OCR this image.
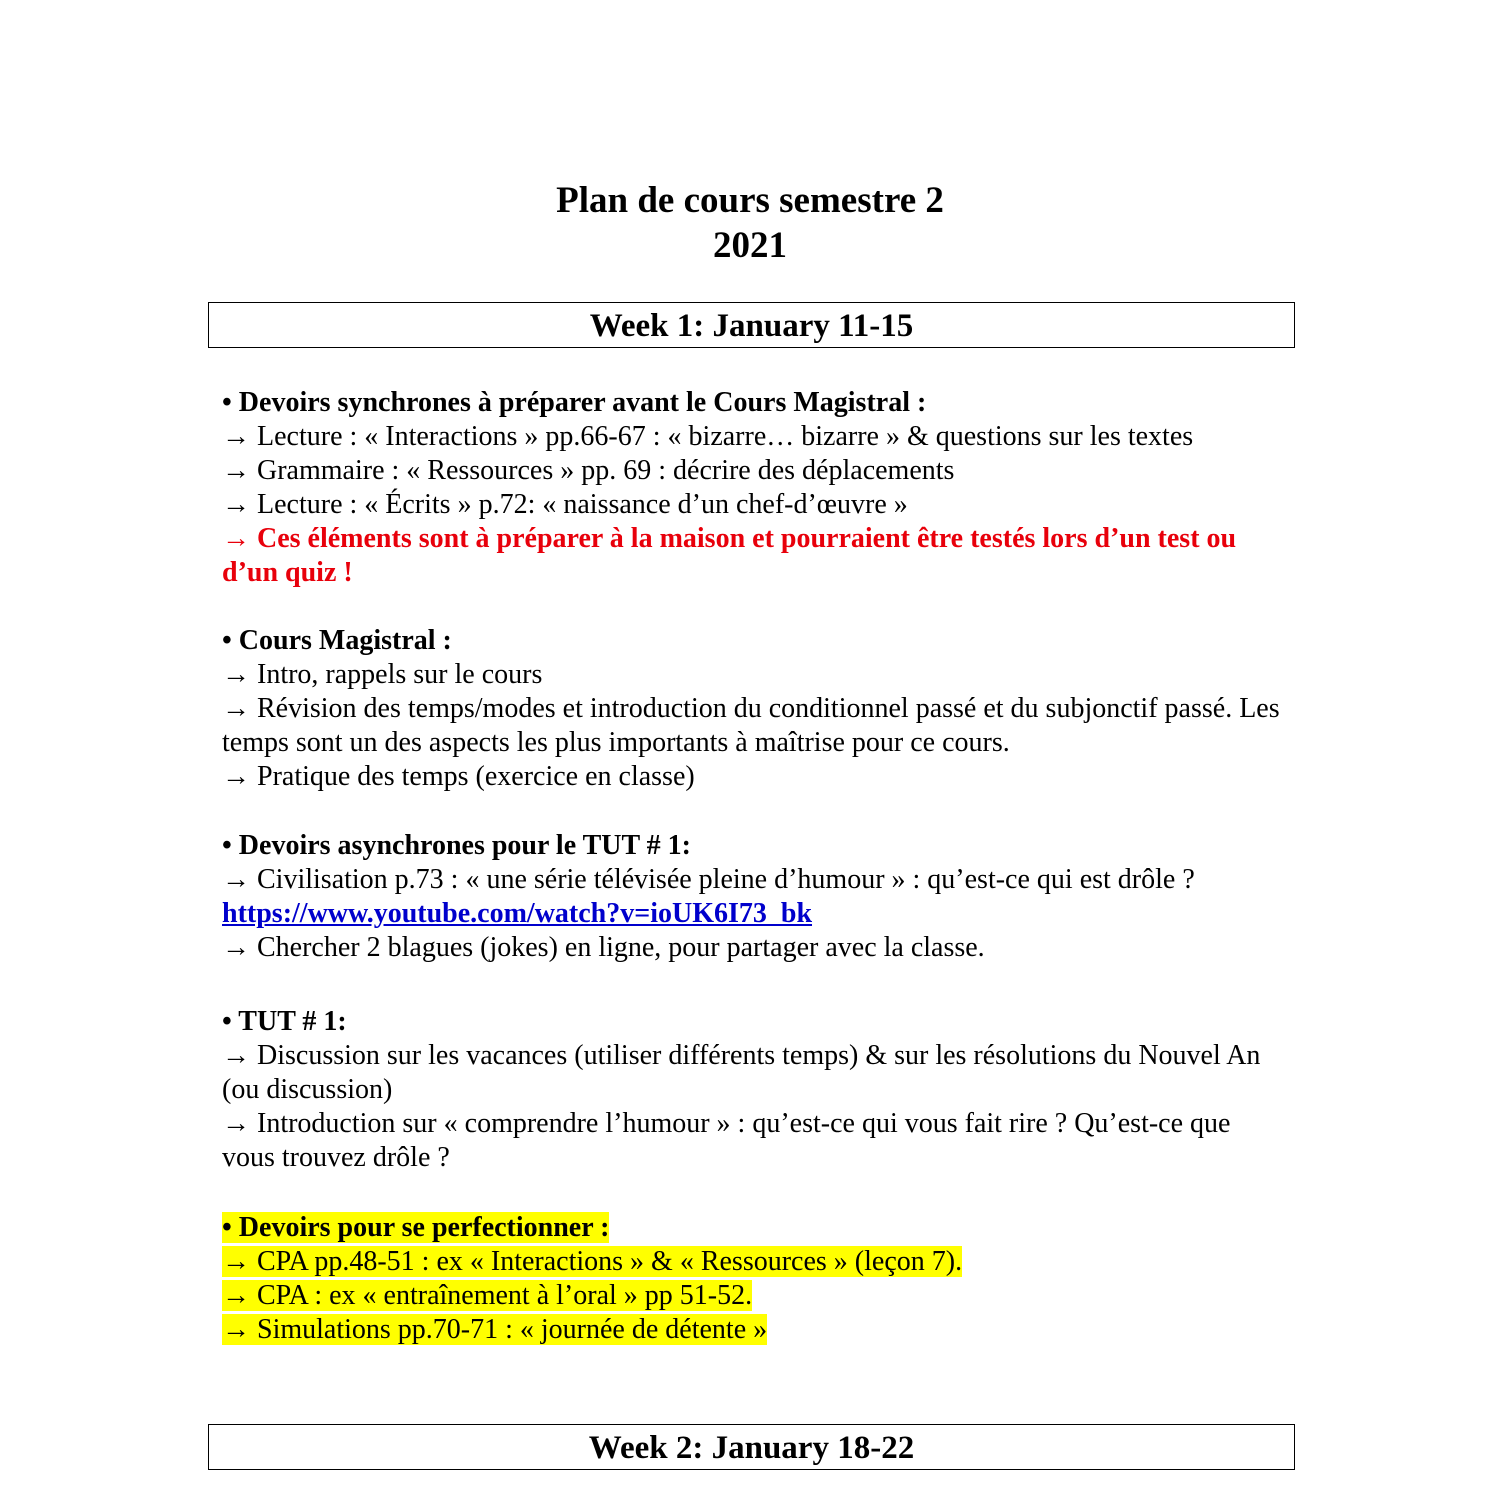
Plan de cours semestre 2
2021
Week 1: January 11-15
• Devoirs synchrones à préparer avant le Cours Magistral :
→ Lecture : « Interactions » pp.66-67 : « bizarre… bizarre » & questions sur les textes
→ Grammaire : « Ressources » pp. 69 : décrire des déplacements
→ Lecture : « Écrits » p.72: « naissance d’un chef-d’œuvre »
→ Ces éléments sont à préparer à la maison et pourraient être testés lors d’un test ou d’un quiz !
• Cours Magistral :
→ Intro, rappels sur le cours
→ Révision des temps/modes et introduction du conditionnel passé et du subjonctif passé. Les temps sont un des aspects les plus importants à maîtrise pour ce cours.
→ Pratique des temps (exercice en classe)
• Devoirs asynchrones pour le TUT # 1:
→ Civilisation p.73 : « une série télévisée pleine d’humour » : qu’est-ce qui est drôle ?
https://www.youtube.com/watch?v=ioUK6I73_bk
→ Chercher 2 blagues (jokes) en ligne, pour partager avec la classe.
• TUT # 1:
→ Discussion sur les vacances (utiliser différents temps) & sur les résolutions du Nouvel An (ou discussion)
→ Introduction sur « comprendre l’humour » : qu’est-ce qui vous fait rire ? Qu’est-ce que vous trouvez drôle ?
• Devoirs pour se perfectionner :
→ CPA pp.48-51 : ex « Interactions » & « Ressources » (leçon 7).
→ CPA : ex « entraînement à l’oral » pp 51-52.
→ Simulations pp.70-71 : « journée de détente »
Week 2: January 18-22
